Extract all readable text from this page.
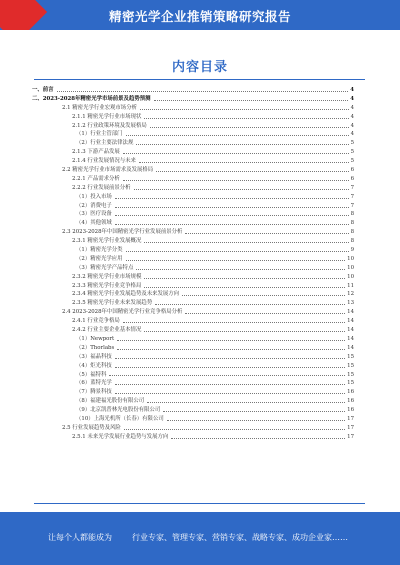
精密光学企业推销策略研究报告
内容目录
一、前言	4
二、2023-2028年精密光学市场前景及趋势预测	4
2.1 精密光学行业宏观市场分析	4
2.1.1 精密光学行业市场现状	4
2.1.2 行业政策环境及发展格局	4
（1）行业主管部门	4
（2）行业主要法律法规	5
2.1.3 下游产品发展	5
2.1.4 行业发展情况与未来	5
2.2 精密光学行业市场需求及发展格局	6
2.2.1 产品需求分析	6
2.2.2 行业发展前景分析	7
（1）投入市场	7
（2）消费电子	7
（3）医疗设备	8
（4）其他领域	8
2.3 2023-2028年中国精密光学行业发展前景分析	8
2.3.1 精密光学行业发展概况	8
（1）精密光学分类	9
（2）精密光学应用	10
（3）精密光学产品特点	10
2.3.2 精密光学行业市场规模	10
2.3.3 精密光学行业竞争格局	11
2.3.4 精密光学行业发展趋势及未来发展方向	12
2.3.5 精密光学行业未来发展趋势	13
2.4 2023-2028年中国精密光学行业竞争格局分析	14
2.4.1 行业竞争格局	14
2.4.2 行业主要企业基本情况	14
（1）Newport	14
（2）Thorlabs	14
（3）福晶科技	15
（4）炬光科技	15
（5）福特科	15
（6）蓝特光学	15
（7）腾景科技	16
（8）福建福光股份有限公司	16
（9）北京凯普林光电股份有限公司	16
（10）上海光机所（长春）有限公司	17
2.5 行业发展趋势及风险	17
2.5.1 未来光学发展行业趋势与发展方向	17
让每个人都能成为	行业专家、管理专家、营销专家、战略专家、成功企业家……
